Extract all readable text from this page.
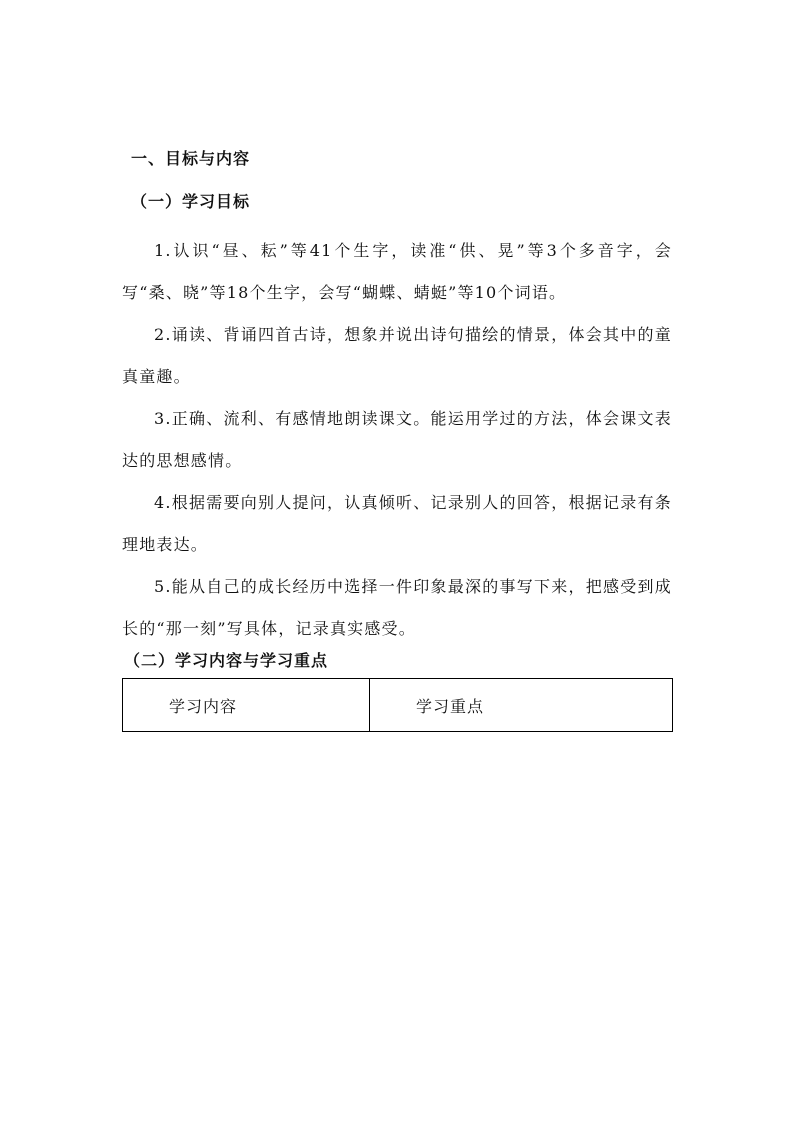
一、目标与内容
（一）学习目标

1.认识“昼、耘”等41个生字，读准“供、晃”等3个多音字，会写“桑、晓”等18个生字，会写“蝴蝶、蜻蜓”等10个词语。

2.诵读、背诵四首古诗，想象并说出诗句描绘的情景，体会其中的童真童趣。

3.正确、流利、有感情地朗读课文。能运用学过的方法，体会课文表达的思想感情。

4.根据需要向别人提问，认真倾听、记录别人的回答，根据记录有条理地表达。

5.能从自己的成长经历中选择一件印象最深的事写下来，把感受到成长的“那一刻”写具体，记录真实感受。

（二）学习内容与学习重点
学习内容	学习重点
